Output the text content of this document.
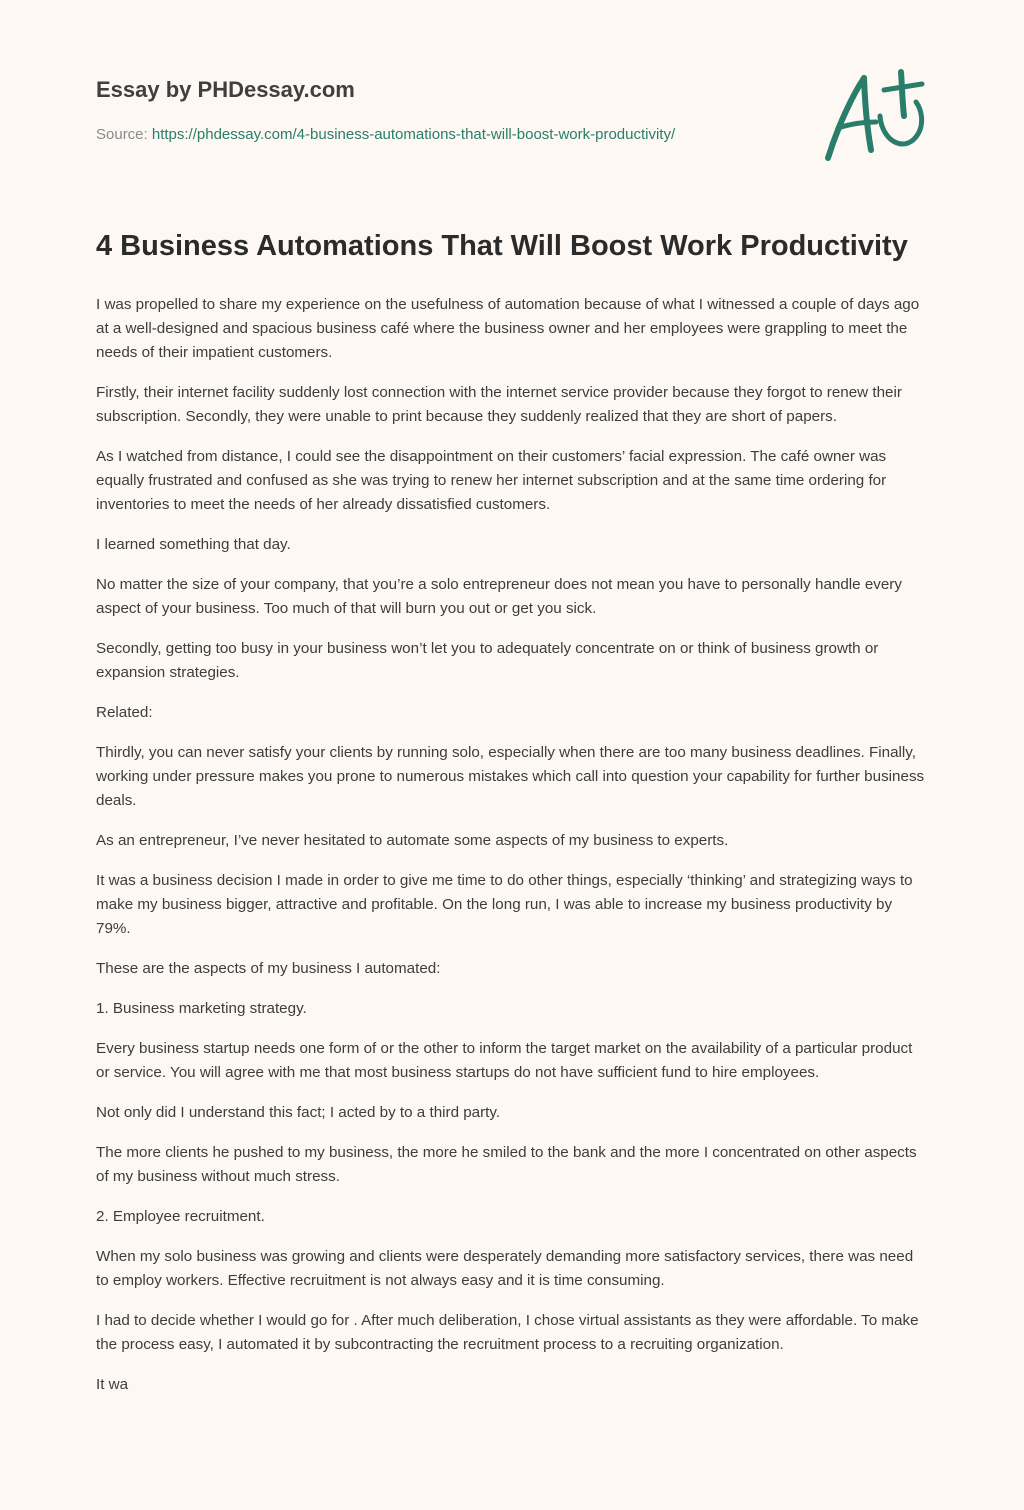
Essay by PHDessay.com
Source: https://phdessay.com/4-business-automations-that-will-boost-work-productivity/
4 Business Automations That Will Boost Work Productivity

I was propelled to share my experience on the usefulness of automation because of what I witnessed a couple of days ago at a well-designed and spacious business café where the business owner and her employees were grappling to meet the needs of their impatient customers.

Firstly, their internet facility suddenly lost connection with the internet service provider because they forgot to renew their subscription. Secondly, they were unable to print because they suddenly realized that they are short of papers.

As I watched from distance, I could see the disappointment on their customers’ facial expression. The café owner was equally frustrated and confused as she was trying to renew her internet subscription and at the same time ordering for inventories to meet the needs of her already dissatisfied customers.

I learned something that day.

No matter the size of your company, that you’re a solo entrepreneur does not mean you have to personally handle every aspect of your business. Too much of that will burn you out or get you sick.

Secondly, getting too busy in your business won’t let you to adequately concentrate on or think of business growth or expansion strategies.

Related:

Thirdly, you can never satisfy your clients by running solo, especially when there are too many business deadlines. Finally, working under pressure makes you prone to numerous mistakes which call into question your capability for further business deals.

As an entrepreneur, I’ve never hesitated to automate some aspects of my business to experts.

It was a business decision I made in order to give me time to do other things, especially ‘thinking’ and strategizing ways to make my business bigger, attractive and profitable. On the long run, I was able to increase my business productivity by 79%.

These are the aspects of my business I automated:

1. Business marketing strategy.

Every business startup needs one form of or the other to inform the target market on the availability of a particular product or service. You will agree with me that most business startups do not have sufficient fund to hire employees.

Not only did I understand this fact; I acted by to a third party.

The more clients he pushed to my business, the more he smiled to the bank and the more I concentrated on other aspects of my business without much stress.

2. Employee recruitment.

When my solo business was growing and clients were desperately demanding more satisfactory services, there was need to employ workers. Effective recruitment is not always easy and it is time consuming.

I had to decide whether I would go for . After much deliberation, I chose virtual assistants as they were affordable. To make the process easy, I automated it by subcontracting the recruitment process to a recruiting organization.

It wa
